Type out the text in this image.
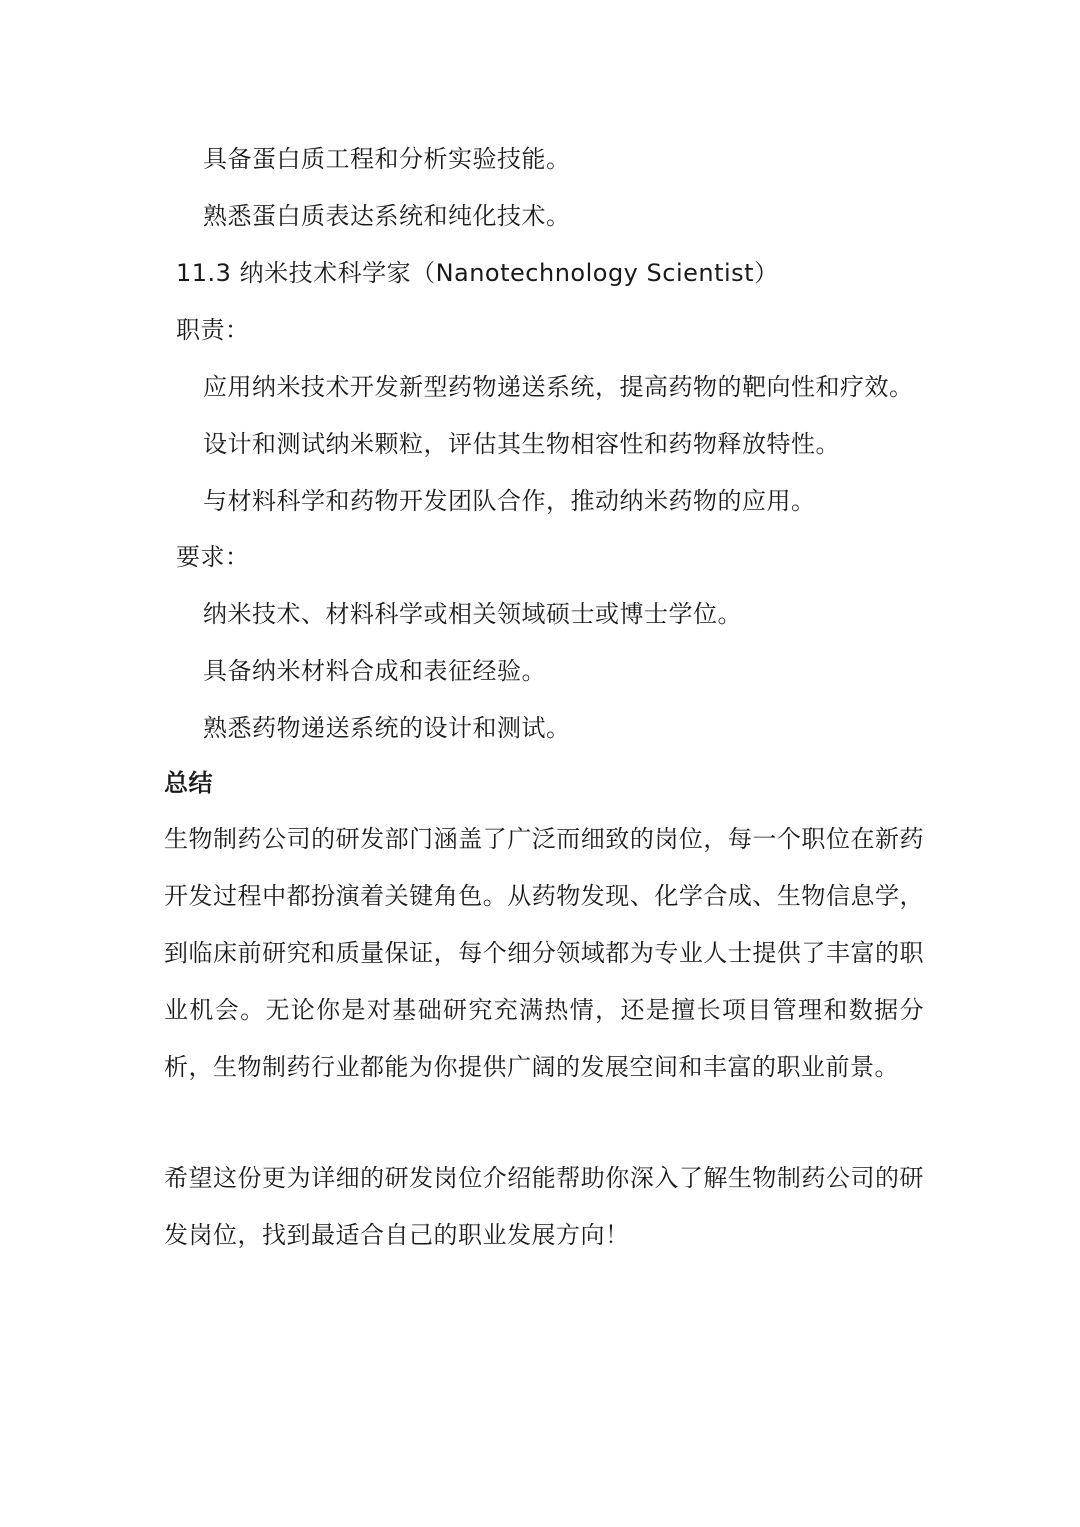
具备蛋白质工程和分析实验技能。
熟悉蛋白质表达系统和纯化技术。
11.3 纳米技术科学家（Nanotechnology Scientist）
职责：
应用纳米技术开发新型药物递送系统，提高药物的靶向性和疗效。
设计和测试纳米颗粒，评估其生物相容性和药物释放特性。
与材料科学和药物开发团队合作，推动纳米药物的应用。
要求：
纳米技术、材料科学或相关领域硕士或博士学位。
具备纳米材料合成和表征经验。
熟悉药物递送系统的设计和测试。
总结
生物制药公司的研发部门涵盖了广泛而细致的岗位，每一个职位在新药开发过程中都扮演着关键角色。从药物发现、化学合成、生物信息学，到临床前研究和质量保证，每个细分领域都为专业人士提供了丰富的职业机会。无论你是对基础研究充满热情，还是擅长项目管理和数据分析，生物制药行业都能为你提供广阔的发展空间和丰富的职业前景。
希望这份更为详细的研发岗位介绍能帮助你深入了解生物制药公司的研发岗位，找到最适合自己的职业发展方向！
